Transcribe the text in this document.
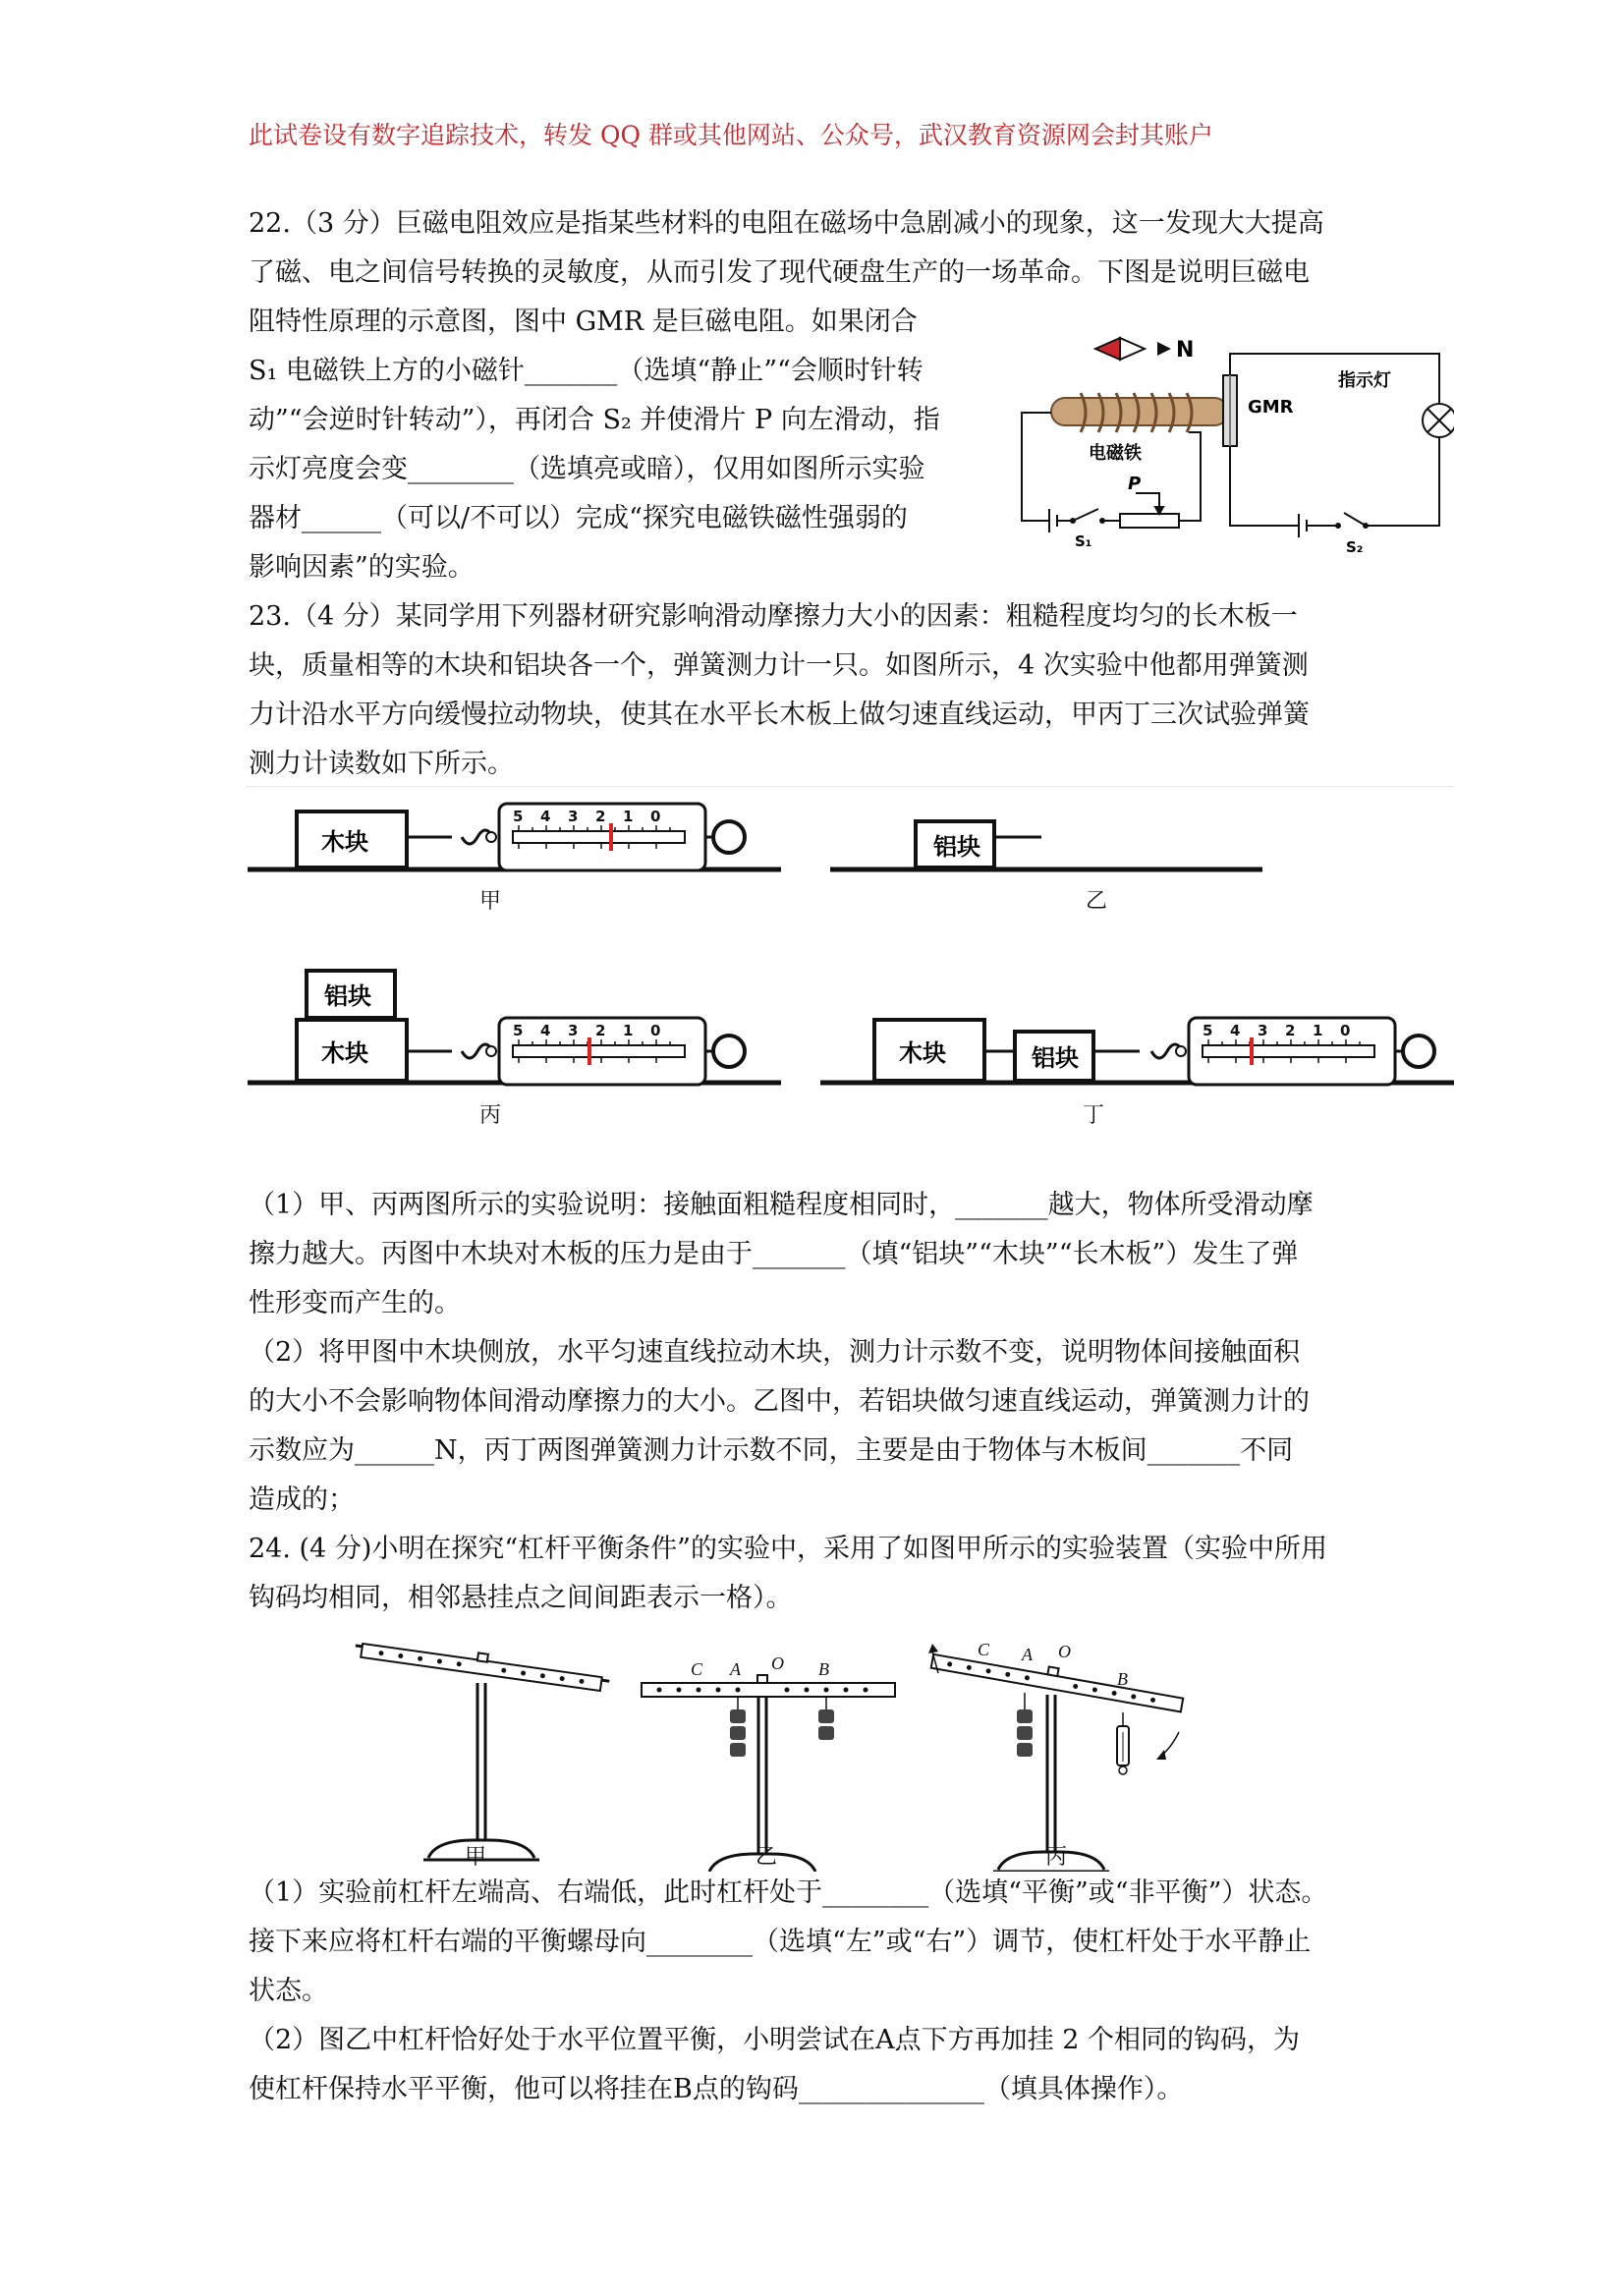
此试卷设有数字追踪技术，转发 QQ 群或其他网站、公众号，武汉教育资源网会封其账户
22.（3 分）巨磁电阻效应是指某些材料的电阻在磁场中急剧减小的现象，这一发现大大提高
了磁、电之间信号转换的灵敏度，从而引发了现代硬盘生产的一场革命。下图是说明巨磁电
阻特性原理的示意图，图中 GMR 是巨磁电阻。如果闭合
S₁ 电磁铁上方的小磁针_______（选填“静止”“会顺时针转
动”“会逆时针转动”），再闭合 S₂ 并使滑片 P 向左滑动，指
示灯亮度会变________（选填亮或暗），仅用如图所示实验
器材______（可以/不可以）完成“探究电磁铁磁性强弱的
影响因素”的实验。
N
电磁铁
P
S₁
GMR
指示灯
S₂
23.（4 分）某同学用下列器材研究影响滑动摩擦力大小的因素：粗糙程度均匀的长木板一
块，质量相等的木块和铝块各一个，弹簧测力计一只。如图所示，4 次实验中他都用弹簧测
力计沿水平方向缓慢拉动物块，使其在水平长木板上做匀速直线运动，甲丙丁三次试验弹簧
测力计读数如下所示。
木块
5 4 3 2 1 0
甲
铝块
乙
铝块
木块
5 4 3 2 1 0
丙
木块	铝块
5 4 3 2 1 0
丁
（1）甲、丙两图所示的实验说明：接触面粗糙程度相同时，_______越大，物体所受滑动摩
擦力越大。丙图中木块对木板的压力是由于_______（填“铝块”“木块”“长木板”）发生了弹
性形变而产生的。
（2）将甲图中木块侧放，水平匀速直线拉动木块，测力计示数不变，说明物体间接触面积
的大小不会影响物体间滑动摩擦力的大小。乙图中，若铝块做匀速直线运动，弹簧测力计的
示数应为______N，丙丁两图弹簧测力计示数不同，主要是由于物体与木板间_______不同
造成的；
24. (4 分)小明在探究“杠杆平衡条件”的实验中，采用了如图甲所示的实验装置（实验中所用
钩码均相同，相邻悬挂点之间间距表示一格）。
甲
C A O B
乙
C A O
B
丙
（1）实验前杠杆左端高、右端低，此时杠杆处于________（选填“平衡”或“非平衡”）状态。
接下来应将杠杆右端的平衡螺母向________（选填“左”或“右”）调节，使杠杆处于水平静止
状态。
（2）图乙中杠杆恰好处于水平位置平衡，小明尝试在A点下方再加挂 2 个相同的钩码，为
使杠杆保持水平平衡，他可以将挂在B点的钩码______________（填具体操作）。
